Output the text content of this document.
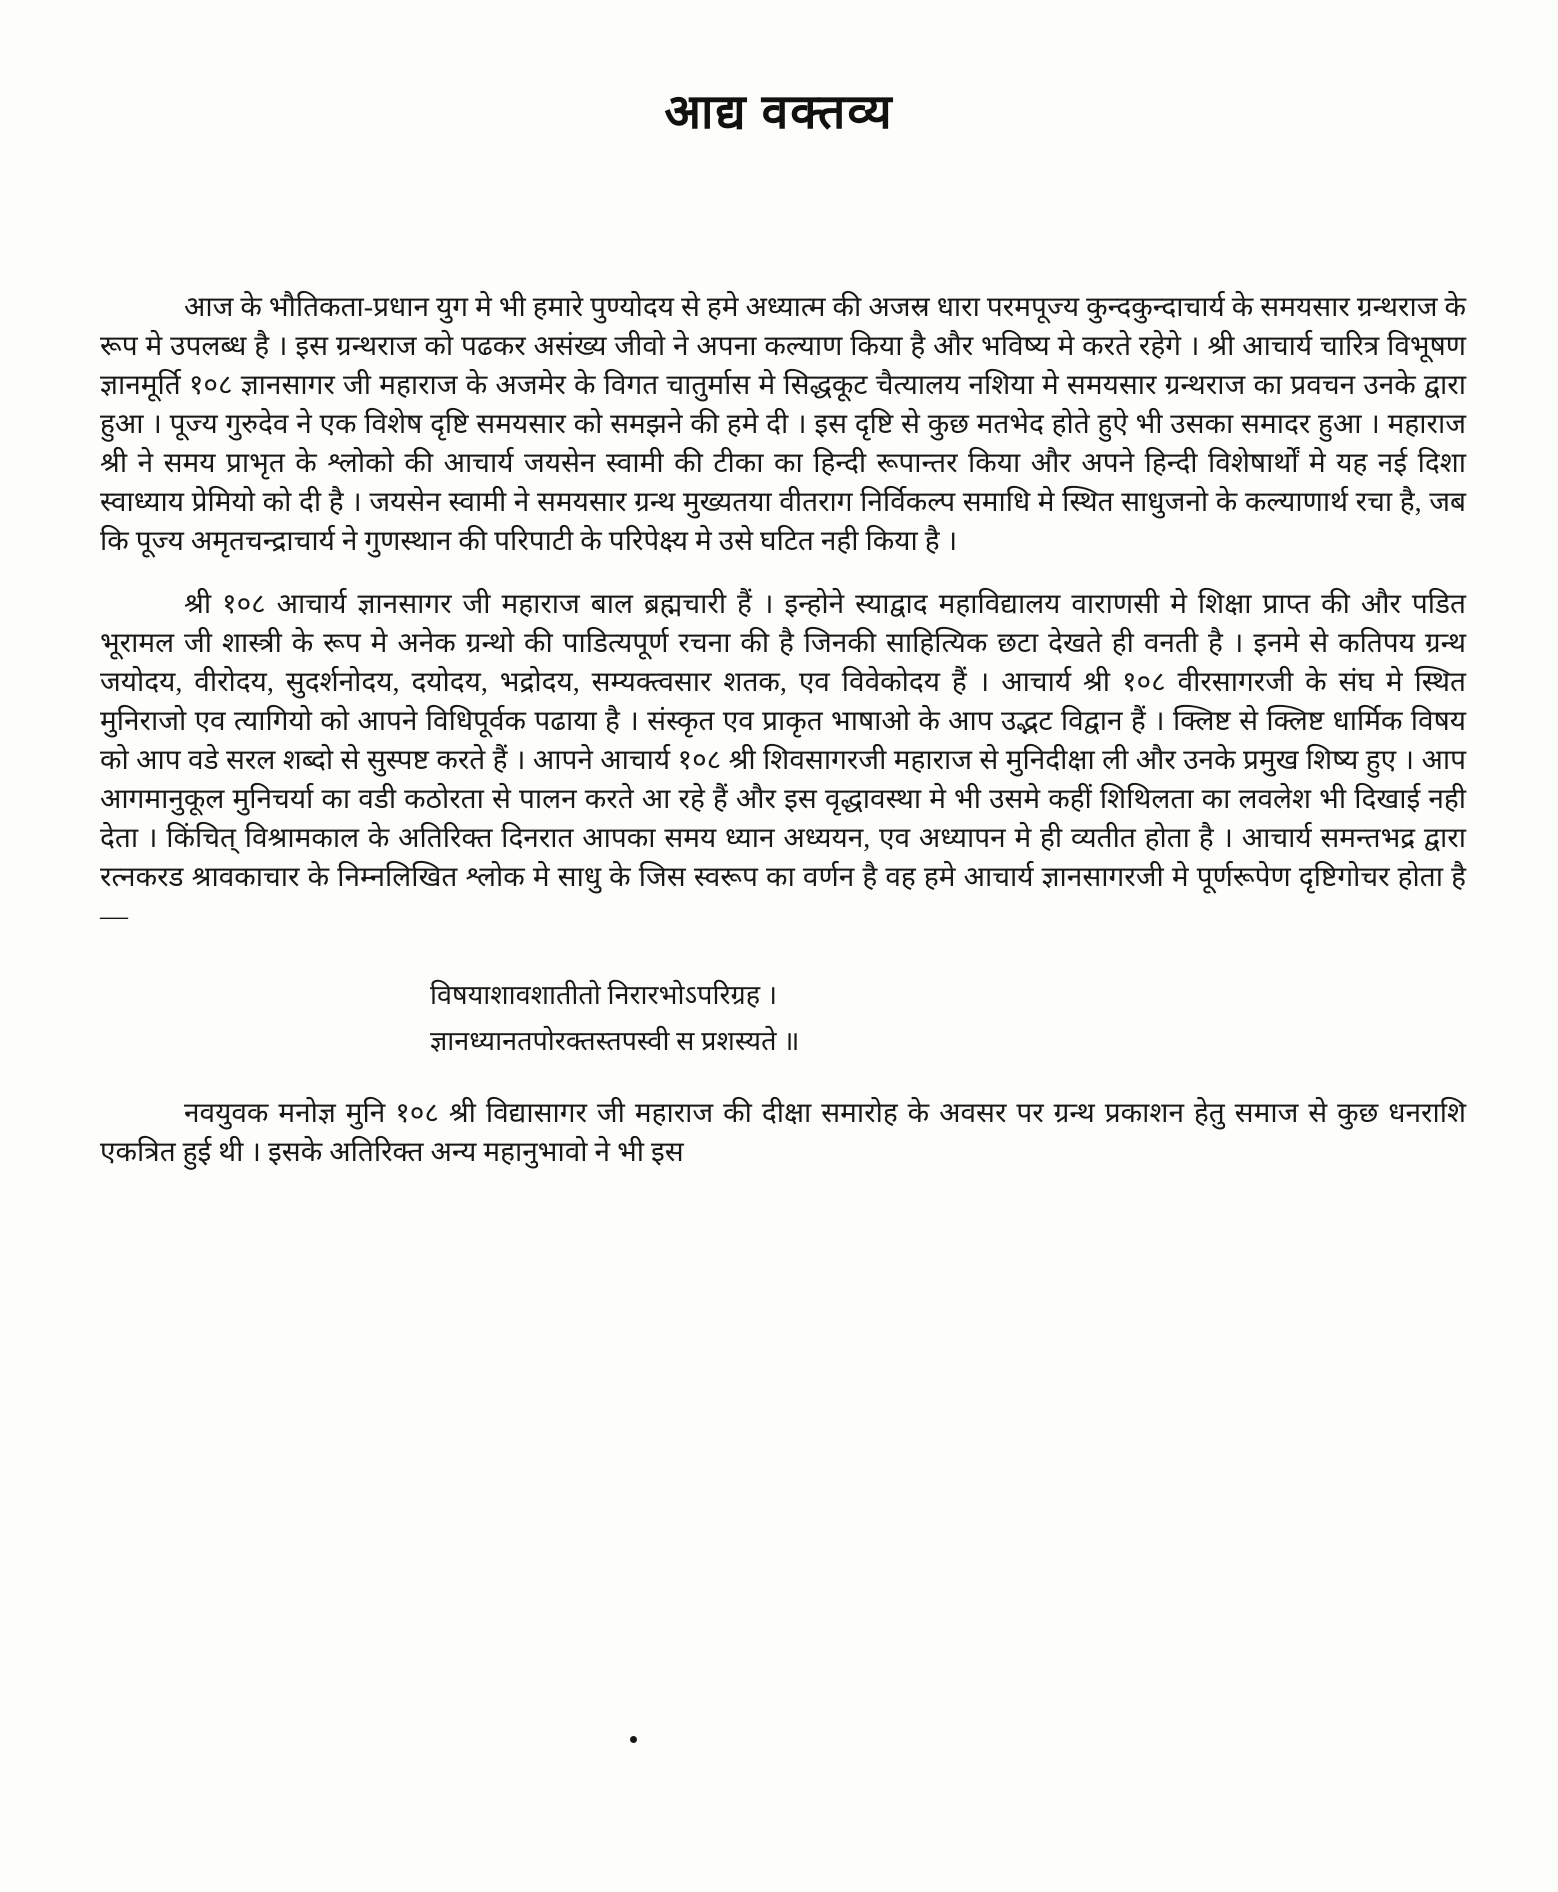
आद्य वक्तव्य

आज के भौतिकता-प्रधान युग मे भी हमारे पुण्योदय से हमे अध्यात्म की अजस्र धारा परमपूज्य कुन्दकुन्दाचार्य के समयसार ग्रन्थराज के रूप मे उपलब्ध है । इस ग्रन्थराज को पढकर असंख्य जीवो ने अपना कल्याण किया है और भविष्य मे करते रहेगे । श्री आचार्य चारित्र विभूषण ज्ञानमूर्ति १०८ ज्ञानसागर जी महाराज के अजमेर के विगत चातुर्मास मे सिद्धकूट चैत्यालय नशिया मे समयसार ग्रन्थराज का प्रवचन उनके द्वारा हुआ । पूज्य गुरुदेव ने एक विशेष दृष्टि समयसार को समझने की हमे दी । इस दृष्टि से कुछ मतभेद होते हुऐ भी उसका समादर हुआ । महाराज श्री ने समय प्राभृत के श्लोको की आचार्य जयसेन स्वामी की टीका का हिन्दी रूपान्तर किया और अपने हिन्दी विशेषार्थों मे यह नई दिशा स्वाध्याय प्रेमियो को दी है । जयसेन स्वामी ने समयसार ग्रन्थ मुख्यतया वीतराग निर्विकल्प समाधि मे स्थित साधुजनो के कल्याणार्थ रचा है, जब कि पूज्य अमृतचन्द्राचार्य ने गुणस्थान की परिपाटी के परिपेक्ष्य मे उसे घटित नही किया है ।

श्री १०८ आचार्य ज्ञानसागर जी महाराज बाल ब्रह्मचारी हैं । इन्होने स्याद्वाद महाविद्यालय वाराणसी मे शिक्षा प्राप्त की और पडित भूरामल जी शास्त्री के रूप मे अनेक ग्रन्थो की पाडित्यपूर्ण रचना की है जिनकी साहित्यिक छटा देखते ही वनती है । इनमे से कतिपय ग्रन्थ जयोदय, वीरोदय, सुदर्शनोदय, दयोदय, भद्रोदय, सम्यक्त्वसार शतक, एव विवेकोदय हैं । आचार्य श्री १०८ वीरसागरजी के संघ मे स्थित मुनिराजो एव त्यागियो को आपने विधिपूर्वक पढाया है । संस्कृत एव प्राकृत भाषाओ के आप उद्भट विद्वान हैं । क्लिष्ट से क्लिष्ट धार्मिक विषय को आप वडे सरल शब्दो से सुस्पष्ट करते हैं । आपने आचार्य १०८ श्री शिवसागरजी महाराज से मुनिदीक्षा ली और उनके प्रमुख शिष्य हुए । आप आगमानुकूल मुनिचर्या का वडी कठोरता से पालन करते आ रहे हैं और इस वृद्धावस्था मे भी उसमे कहीं शिथिलता का लवलेश भी दिखाई नही देता । किंचित् विश्रामकाल के अतिरिक्त दिनरात आपका समय ध्यान अध्ययन, एव अध्यापन मे ही व्यतीत होता है । आचार्य समन्तभद्र द्वारा रत्नकरड श्रावकाचार के निम्नलिखित श्लोक मे साधु के जिस स्वरूप का वर्णन है वह हमे आचार्य ज्ञानसागरजी मे पूर्णरूपेण दृष्टिगोचर होता है—

विषयाशावशातीतो निरारभोऽपरिग्रह ।
ज्ञानध्यानतपोरक्तस्तपस्वी स प्रशस्यते ॥

नवयुवक मनोज्ञ मुनि १०८ श्री विद्यासागर जी महाराज की दीक्षा समारोह के अवसर पर ग्रन्थ प्रकाशन हेतु समाज से कुछ धनराशि एकत्रित हुई थी । इसके अतिरिक्त अन्य महानुभावो ने भी इस
